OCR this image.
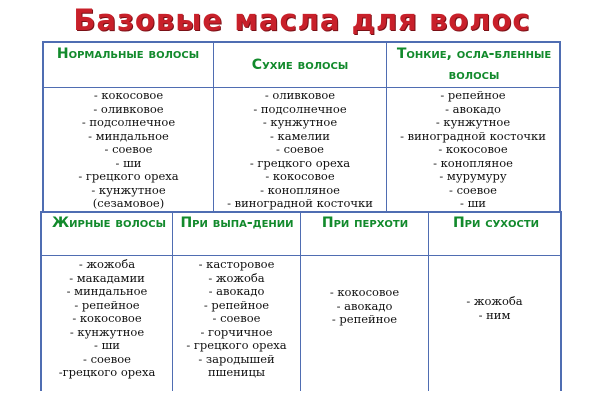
Базовые масла для волос
Нормальные волосы
Сухие волосы
Тонкие, осла-бленные волосы
- кокосовое
- оливковое
- подсолнечное
- миндальное
- соевое
- ши
- грецкого ореха
- кунжутное
(сезамовое)
- оливковое
- подсолнечное
- кунжутное
- камелии
- соевое
- грецкого ореха
- кокосовое
- конопляное
- виноградной косточки
- репейное
- авокадо
- кунжутное
- виноградной косточки
- кокосовое
- конопляное
- мурумуру
- соевое
- ши
Жирные волосы При выпа-дении	При перхоти	При сухости
- жожоба
- макадамии
- миндальное
- репейное
- кокосовое
- кунжутное
- ши
- соевое
-грецкого ореха
- касторовое
- жожоба
- авокадо
- репейное
- соевое
- горчичное
- грецкого ореха
- зародышей
пшеницы
- кокосовое
- авокадо
- репейное
- жожоба
- ним
